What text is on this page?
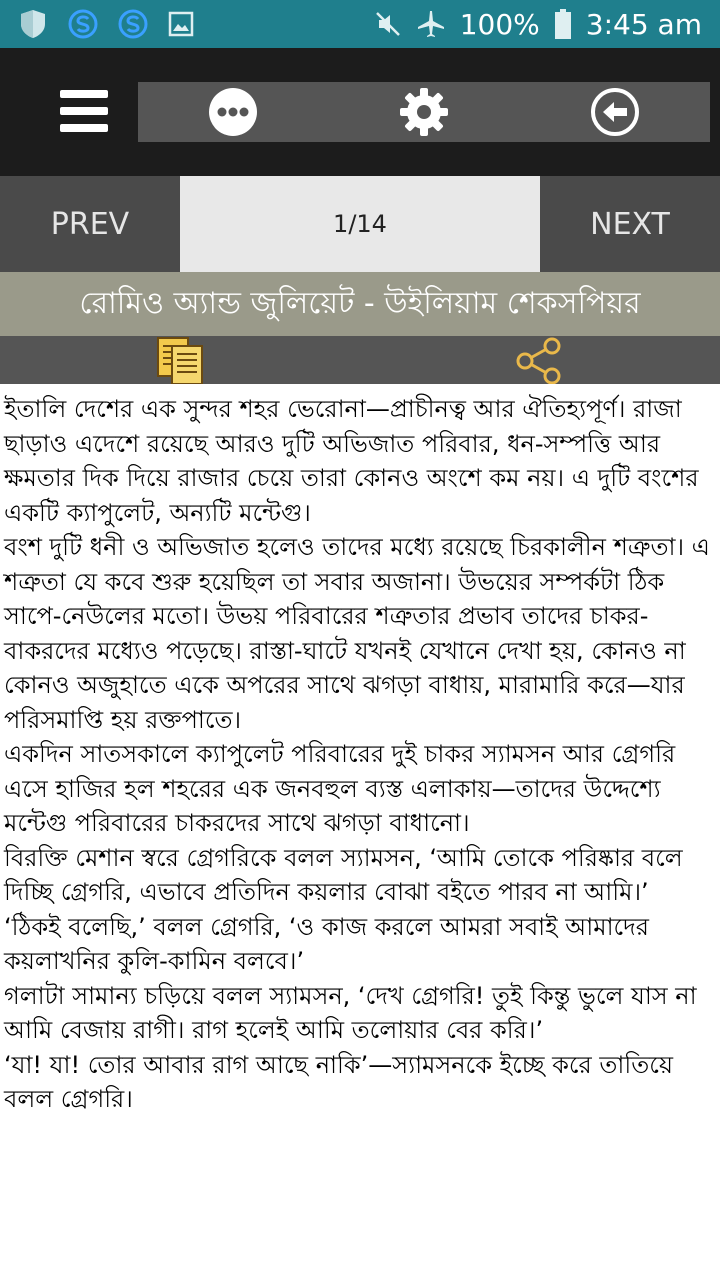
100% 3:45 am
PREV	1/14	NEXT
রোমিও অ্যান্ড জুলিয়েট - উইলিয়াম শেকসপিয়র

ইতালি দেশের এক সুন্দর শহর ভেরোনা—প্রাচীনত্ব আর ঐতিহ্যপূর্ণ। রাজা ছাড়াও এদেশে রয়েছে আরও দুটি অভিজাত পরিবার, ধন-সম্পত্তি আর ক্ষমতার দিক দিয়ে রাজার চেয়ে তারা কোনও অংশে কম নয়। এ দুটি বংশের একটি ক্যাপুলেট, অন্যটি মন্টেগু।

বংশ দুটি ধনী ও অভিজাত হলেও তাদের মধ্যে রয়েছে চিরকালীন শত্রুতা। এ শত্রুতা যে কবে শুরু হয়েছিল তা সবার অজানা। উভয়ের সম্পর্কটা ঠিক সাপে-নেউলের মতো। উভয় পরিবারের শত্রুতার প্রভাব তাদের চাকর-বাকরদের মধ্যেও পড়েছে। রাস্তা-ঘাটে যখনই যেখানে দেখা হয়, কোনও না কোনও অজুহাতে একে অপরের সাথে ঝগড়া বাধায়, মারামারি করে—যার পরিসমাপ্তি হয় রক্তপাতে।

একদিন সাতসকালে ক্যাপুলেট পরিবারের দুই চাকর স্যামসন আর গ্রেগরি এসে হাজির হল শহরের এক জনবহুল ব্যস্ত এলাকায়—তাদের উদ্দেশ্যে মন্টেগু পরিবারের চাকরদের সাথে ঝগড়া বাধানো।

বিরক্তি মেশান স্বরে গ্রেগরিকে বলল স্যামসন, ‘আমি তোকে পরিষ্কার বলে দিচ্ছি গ্রেগরি, এভাবে প্রতিদিন কয়লার বোঝা বইতে পারব না আমি।’

‘ঠিকই বলেছি,’ বলল গ্রেগরি, ‘ও কাজ করলে আমরা সবাই আমাদের কয়লাখনির কুলি-কামিন বলবে।’

গলাটা সামান্য চড়িয়ে বলল স্যামসন, ‘দেখ গ্রেগরি! তুই কিন্তু ভুলে যাস না আমি বেজায় রাগী। রাগ হলেই আমি তলোয়ার বের করি।’

‘যা! যা! তোর আবার রাগ আছে নাকি’—স্যামসনকে ইচ্ছে করে তাতিয়ে বলল গ্রেগরি।
